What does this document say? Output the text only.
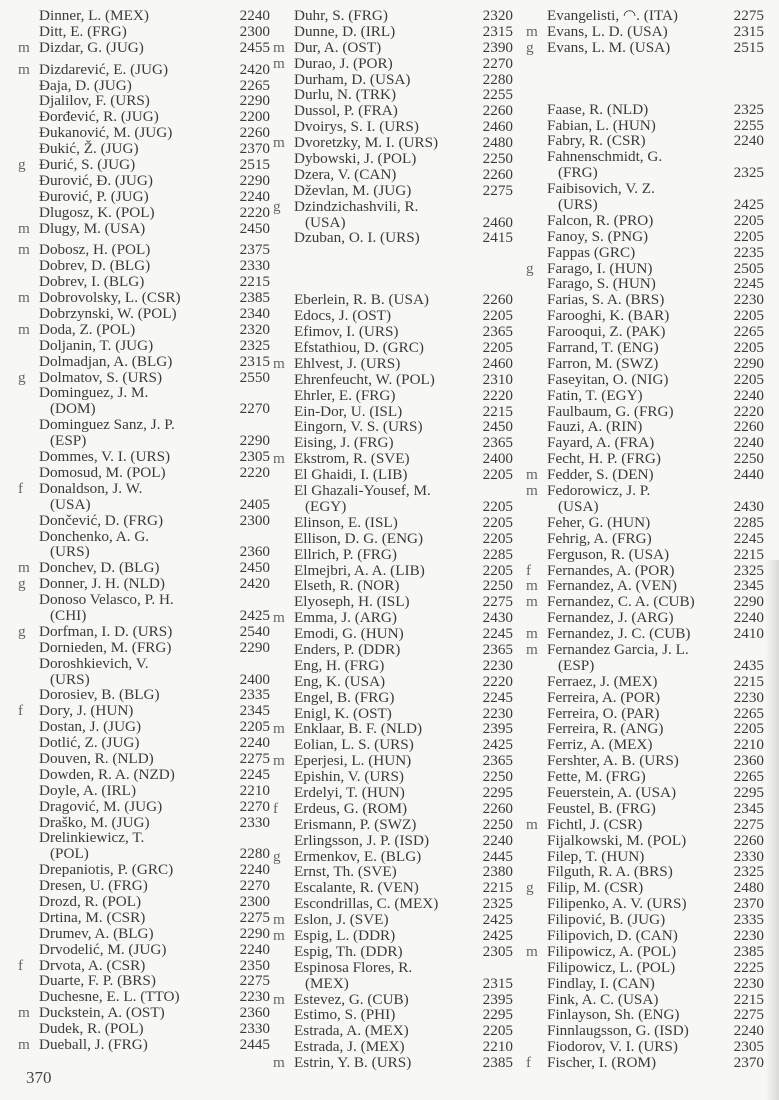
Dinner, L. (MEX)	2240
Ditt, E. (FRG)	2300
m Dizdar, G. (JUG)	2455
m Dizdarević, E. (JUG)	2420
Đaja, D. (JUG)	2265
Djalilov, F. (URS)	2290
Đorđević, R. (JUG)	2200
Đukanović, M. (JUG)	2260
Đukić, Ž. (JUG)	2370
g Đurić, S. (JUG)	2515
Đurović, Đ. (JUG)	2290
Đurović, P. (JUG)	2240
Dlugosz, K. (POL)	2220
m Dlugy, M. (USA)	2450
m Dobosz, H. (POL)	2375
Dobrev, D. (BLG)	2330
Dobrev, I. (BLG)	2215
m Dobrovolsky, L. (CSR)	2385
Dobrzynski, W. (POL)	2340
m Doda, Z. (POL)	2320
Doljanin, T. (JUG)	2325
Dolmadjan, A. (BLG)	2315
g Dolmatov, S. (URS)	2550
Dominguez, J. M.
(DOM)	2270
Dominguez Sanz, J. P.
(ESP)	2290
Dommes, V. I. (URS)	2305
Domosud, M. (POL)	2220
f	Donaldson, J. W.
(USA)	2405
Dončević, D. (FRG)	2300
Donchenko, A. G.
(URS)	2360
m Donchev, D. (BLG)	2450
g Donner, J. H. (NLD)	2420
Donoso Velasco, P. H.
(CHI)	2425
g Dorfman, I. D. (URS)	2540
Dornieden, M. (FRG)	2290
Doroshkievich, V.
(URS)	2400
Dorosiev, B. (BLG)	2335
f	Dory, J. (HUN)	2345
Dostan, J. (JUG)	2205
Dotlić, Z. (JUG)	2240
Douven, R. (NLD)	2275
Dowden, R. A. (NZD)	2245
Doyle, A. (IRL)	2210
Dragović, M. (JUG)	2270
Draško, M. (JUG)	2330
Drelinkiewicz, T.
(POL)	2280
Drepaniotis, P. (GRC)	2240
Dresen, U. (FRG)	2270
Drozd, R. (POL)	2300
Drtina, M. (CSR)	2275
Drumev, A. (BLG)	2290
Drvodelić, M. (JUG)	2240
f	Drvota, A. (CSR)	2350
Duarte, F. P. (BRS)	2275
Duchesne, E. L. (TTO)	2230
m Duckstein, A. (OST)	2360
Dudek, R. (POL)	2330
m Dueball, J. (FRG)	2445
Duhr, S. (FRG)	2320
Dunne, D. (IRL)	2315
m Dur, A. (OST)	2390
m Durao, J. (POR)	2270
Durham, D. (USA)	2280
Durlu, N. (TRK)	2255
Dussol, P. (FRA)	2260
Dvoirys, S. I. (URS)	2460
m Dvoretzky, M. I. (URS)	2480
Dybowski, J. (POL)	2250
Dzera, V. (CAN)	2260
Dževlan, M. (JUG)	2275
g Dzindzichashvili, R.
(USA)	2460
Dzuban, O. I. (URS)	2415
Eberlein, R. B. (USA)	2260
Edocs, J. (OST)	2205
Efimov, I. (URS)	2365
Efstathiou, D. (GRC)	2205
m Ehlvest, J. (URS)	2460
Ehrenfeucht, W. (POL)	2310
Ehrler, E. (FRG)	2220
Ein-Dor, U. (ISL)	2215
Eingorn, V. S. (URS)	2450
Eising, J. (FRG)	2365
m Ekstrom, R. (SVE)	2400
El Ghaidi, I. (LIB)	2205
El Ghazali-Yousef, M.
(EGY)	2205
Elinson, E. (ISL)	2205
Ellison, D. G. (ENG)	2205
Ellrich, P. (FRG)	2285
Elmejbri, A. A. (LIB)	2205
Elseth, R. (NOR)	2250
Elyoseph, H. (ISL)	2275
m Emma, J. (ARG)	2430
Emodi, G. (HUN)	2245
Enders, P. (DDR)	2365
Eng, H. (FRG)	2230
Eng, K. (USA)	2220
Engel, B. (FRG)	2245
Enigl, K. (OST)	2230
m Enklaar, B. F. (NLD)	2395
Eolian, L. S. (URS)	2425
m Eperjesi, L. (HUN)	2365
Epishin, V. (URS)	2250
Erdelyi, T. (HUN)	2295
f	Erdeus, G. (ROM)	2260
Erismann, P. (SWZ)	2250
Erlingsson, J. P. (ISD)	2240
g Ermenkov, E. (BLG)	2445
Ernst, Th. (SVE)	2380
Escalante, R. (VEN)	2215
Escondrillas, C. (MEX)	2325
m Eslon, J. (SVE)	2425
m Espig, L. (DDR)	2425
Espig, Th. (DDR)	2305
Espinosa Flores, R.
(MEX)	2315
m Estevez, G. (CUB)	2395
Estimo, S. (PHI)	2295
Estrada, A. (MEX)	2205
Estrada, J. (MEX)	2210
m Estrin, Y. B. (URS)	2385
Evangelisti, ◠. (ITA)	2275
m Evans, L. D. (USA)	2315
g Evans, L. M. (USA)	2515
Faase, R. (NLD)	2325
Fabian, L. (HUN)	2255
Fabry, R. (CSR)	2240
Fahnenschmidt, G.
(FRG)	2325
Faibisovich, V. Z.
(URS)	2425
Falcon, R. (PRO)	2205
Fanoy, S. (PNG)	2205
Fappas (GRC)	2235
g Farago, I. (HUN)	2505
Farago, S. (HUN)	2245
Farias, S. A. (BRS)	2230
Farooghi, K. (BAR)	2205
Farooqui, Z. (PAK)	2265
Farrand, T. (ENG)	2205
Farron, M. (SWZ)	2290
Faseyitan, O. (NIG)	2205
Fatin, T. (EGY)	2240
Faulbaum, G. (FRG)	2220
Fauzi, A. (RIN)	2260
Fayard, A. (FRA)	2240
Fecht, H. P. (FRG)	2250
m Fedder, S. (DEN)	2440
m Fedorowicz, J. P.
(USA)	2430
Feher, G. (HUN)	2285
Fehrig, A. (FRG)	2245
Ferguson, R. (USA)	2215
f	Fernandes, A. (POR)	2325
m Fernandez, A. (VEN)	2345
m Fernandez, C. A. (CUB)	2290
Fernandez, J. (ARG)	2240
m Fernandez, J. C. (CUB)	2410
m Fernandez Garcia, J. L.
(ESP)	2435
Ferraez, J. (MEX)	2215
Ferreira, A. (POR)	2230
Ferreira, O. (PAR)	2265
Ferreira, R. (ANG)	2205
Ferriz, A. (MEX)	2210
Fershter, A. B. (URS)	2360
Fette, M. (FRG)	2265
Feuerstein, A. (USA)	2295
Feustel, B. (FRG)	2345
m Fichtl, J. (CSR)	2275
Fijalkowski, M. (POL)	2260
Filep, T. (HUN)	2330
Filguth, R. A. (BRS)	2325
g Filip, M. (CSR)	2480
Filipenko, A. V. (URS)	2370
Filipović, B. (JUG)	2335
Filipovich, D. (CAN)	2230
m Filipowicz, A. (POL)	2385
Filipowicz, L. (POL)	2225
Findlay, I. (CAN)	2230
Fink, A. C. (USA)	2215
Finlayson, Sh. (ENG)	2275
Finnlaugsson, G. (ISD)	2240
Fiodorov, V. I. (URS)	2305
f	Fischer, I. (ROM)	2370
370
